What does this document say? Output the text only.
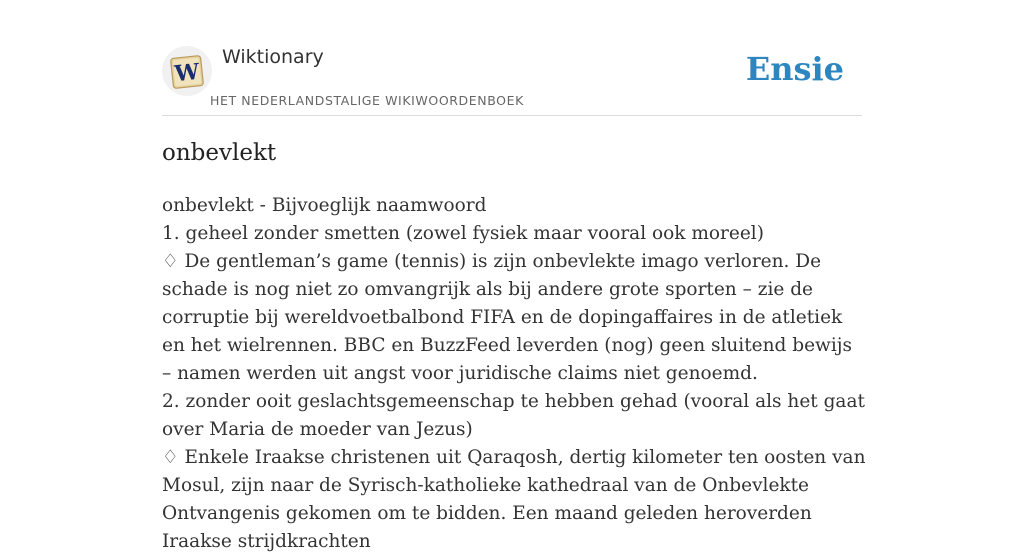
W
Wiktionary
HET NEDERLANDSTALIGE WIKIWOORDENBOEK
Ensie
onbevlekt

onbevlekt - Bijvoeglijk naamwoord

1. geheel zonder smetten (zowel fysiek maar vooral ook moreel)

♢ De gentleman’s game (tennis) is zijn onbevlekte imago verloren. De schade is nog niet zo omvangrijk als bij andere grote sporten – zie de corruptie bij wereldvoetbalbond FIFA en de dopingaffaires in de atletiek en het wielrennen. BBC en BuzzFeed leverden (nog) geen sluitend bewijs – namen werden uit angst voor juridische claims niet genoemd.

2. zonder ooit geslachtsgemeenschap te hebben gehad (vooral als het gaat over Maria de moeder van Jezus)

♢ Enkele Iraakse christenen uit Qaraqosh, dertig kilometer ten oosten van Mosul, zijn naar de Syrisch-katholieke kathedraal van de Onbevlekte Ontvangenis gekomen om te bidden. Een maand geleden heroverden Iraakse strijdkrachten
